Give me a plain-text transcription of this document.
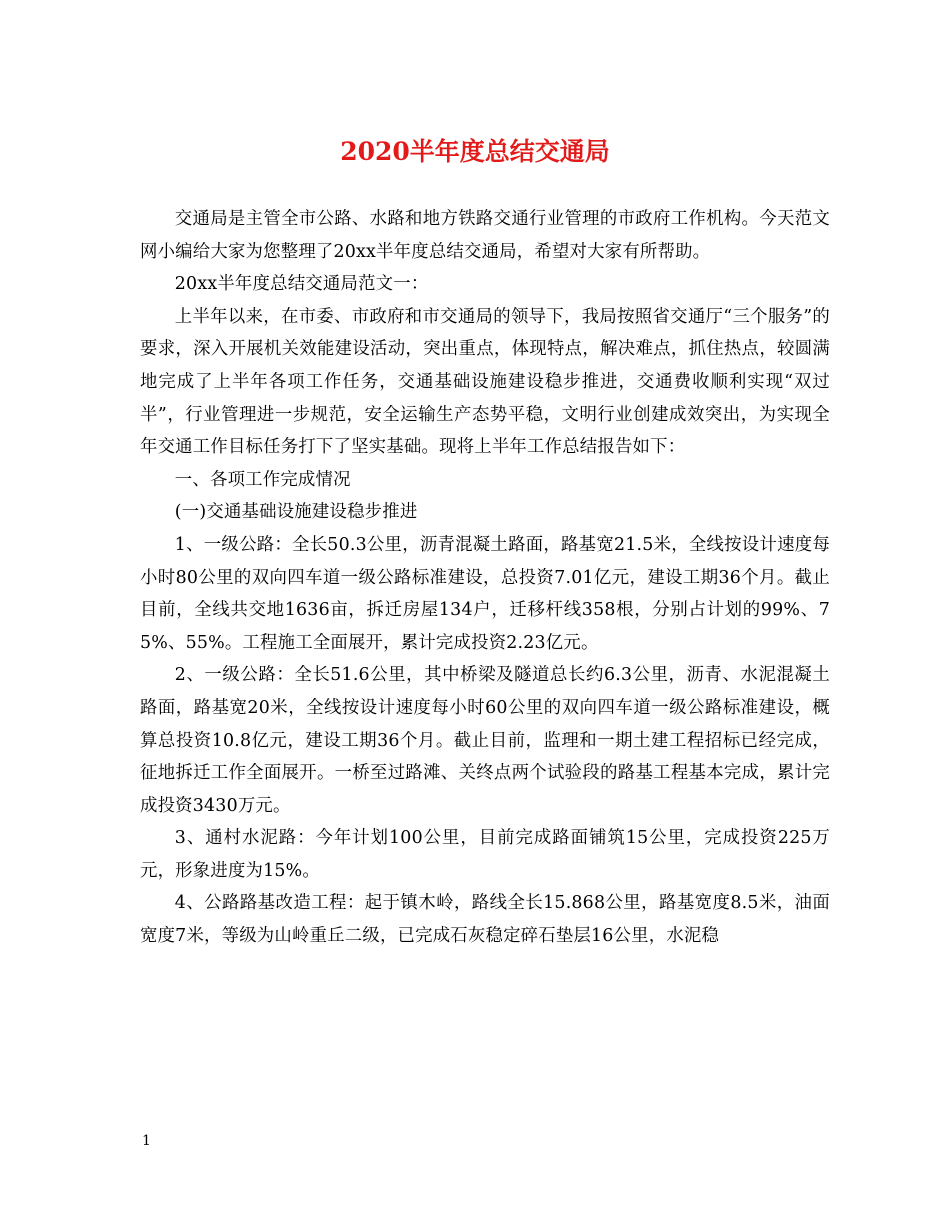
2020半年度总结交通局

交通局是主管全市公路、水路和地方铁路交通行业管理的市政府工作机构。今天范文网小编给大家为您整理了20xx半年度总结交通局，希望对大家有所帮助。

20xx半年度总结交通局范文一：

上半年以来，在市委、市政府和市交通局的领导下，我局按照省交通厅“三个服务”的要求，深入开展机关效能建设活动，突出重点，体现特点，解决难点，抓住热点，较圆满地完成了上半年各项工作任务，交通基础设施建设稳步推进，交通费收顺利实现“双过半”，行业管理进一步规范，安全运输生产态势平稳，文明行业创建成效突出，为实现全年交通工作目标任务打下了坚实基础。现将上半年工作总结报告如下：

一、各项工作完成情况

(一)交通基础设施建设稳步推进

1、一级公路：全长50.3公里，沥青混凝土路面，路基宽21.5米，全线按设计速度每小时80公里的双向四车道一级公路标准建设，总投资7.01亿元，建设工期36个月。截止目前，全线共交地1636亩，拆迁房屋134户，迁移杆线358根，分别占计划的99%、75%、55%。工程施工全面展开，累计完成投资2.23亿元。

2、一级公路：全长51.6公里，其中桥梁及隧道总长约6.3公里，沥青、水泥混凝土路面，路基宽20米，全线按设计速度每小时60公里的双向四车道一级公路标准建设，概算总投资10.8亿元，建设工期36个月。截止目前，监理和一期土建工程招标已经完成，征地拆迁工作全面展开。一桥至过路滩、关终点两个试验段的路基工程基本完成，累计完成投资3430万元。

3、通村水泥路：今年计划100公里，目前完成路面铺筑15公里，完成投资225万元，形象进度为15%。

4、公路路基改造工程：起于镇木岭，路线全长15.868公里，路基宽度8.5米，油面宽度7米，等级为山岭重丘二级，已完成石灰稳定碎石垫层16公里，水泥稳

1
